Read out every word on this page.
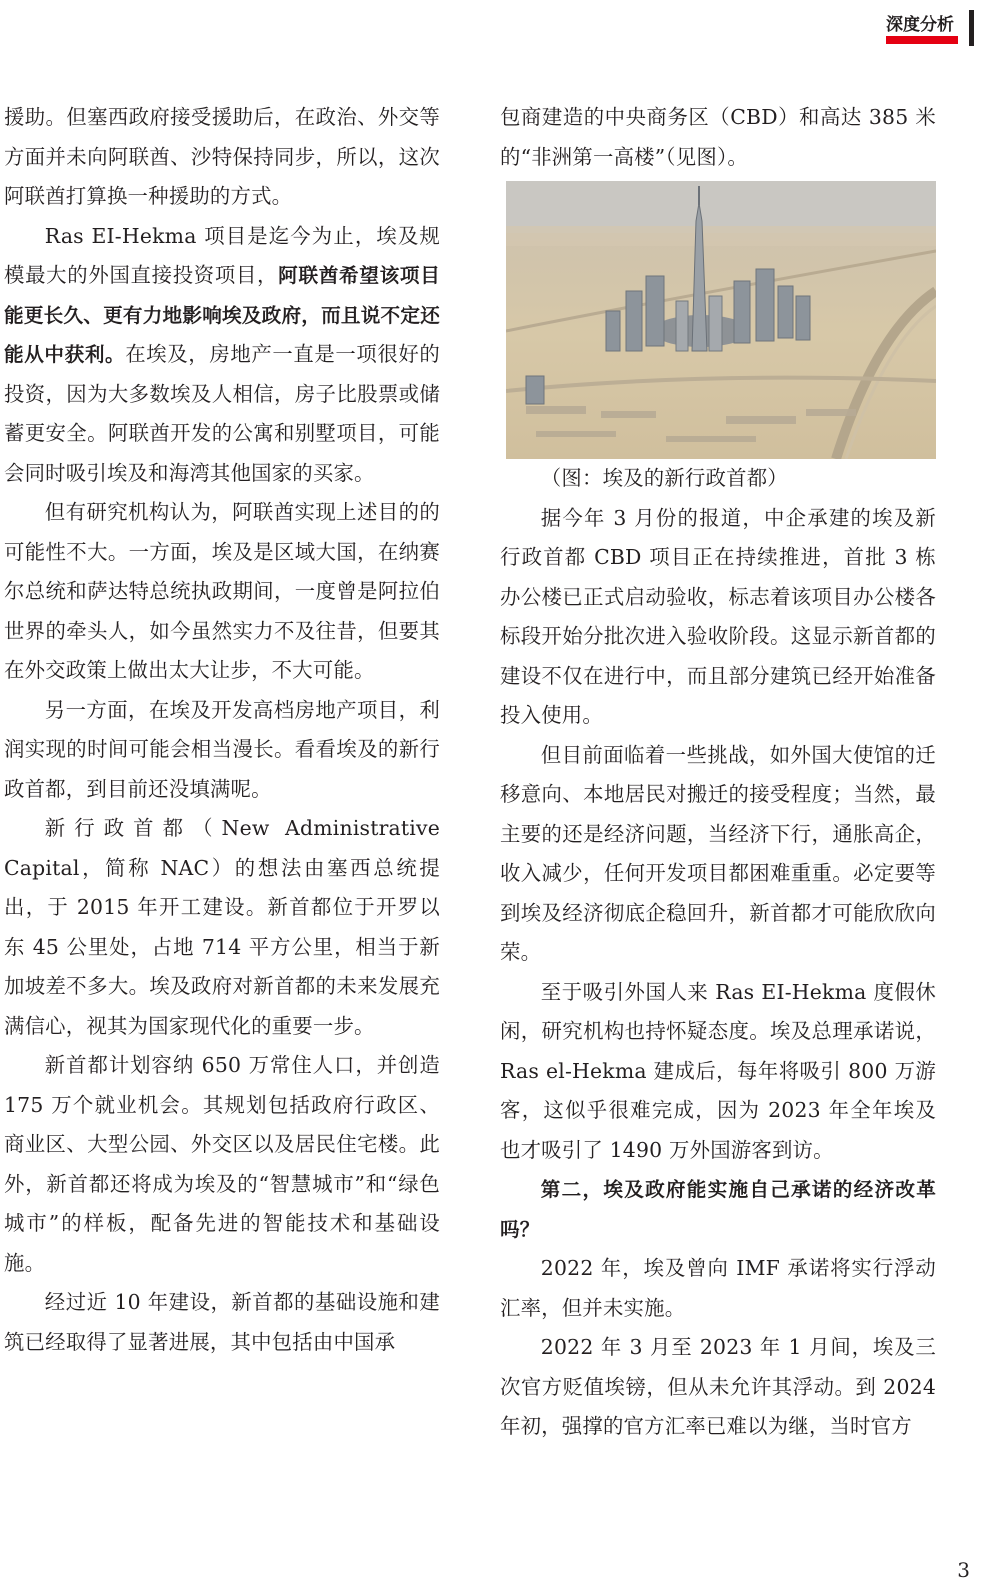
深度分析

援助。但塞西政府接受援助后，在政治、外交等方面并未向阿联酋、沙特保持同步，所以，这次阿联酋打算换一种援助的方式。

Ras EI-Hekma 项目是迄今为止，埃及规模最大的外国直接投资项目，阿联酋希望该项目能更长久、更有力地影响埃及政府，而且说不定还能从中获利。在埃及，房地产一直是一项很好的投资，因为大多数埃及人相信，房子比股票或储蓄更安全。阿联酋开发的公寓和别墅项目，可能会同时吸引埃及和海湾其他国家的买家。

但有研究机构认为，阿联酋实现上述目的的可能性不大。一方面，埃及是区域大国，在纳赛尔总统和萨达特总统执政期间，一度曾是阿拉伯世界的牵头人，如今虽然实力不及往昔，但要其在外交政策上做出太大让步，不大可能。

另一方面，在埃及开发高档房地产项目，利润实现的时间可能会相当漫长。看看埃及的新行政首都，到目前还没填满呢。

新行政首都（New Administrative Capital，简称 NAC）的想法由塞西总统提出，于 2015 年开工建设。新首都位于开罗以东 45 公里处，占地 714 平方公里，相当于新加坡差不多大。埃及政府对新首都的未来发展充满信心，视其为国家现代化的重要一步。

新首都计划容纳 650 万常住人口，并创造 175 万个就业机会。其规划包括政府行政区、商业区、大型公园、外交区以及居民住宅楼。此外，新首都还将成为埃及的“智慧城市”和“绿色城市”的样板，配备先进的智能技术和基础设施。

经过近 10 年建设，新首都的基础设施和建筑已经取得了显著进展，其中包括由中国承

包商建造的中央商务区（CBD）和高达 385 米的“非洲第一高楼”（见图）。

（图：埃及的新行政首都）

据今年 3 月份的报道，中企承建的埃及新行政首都 CBD 项目正在持续推进，首批 3 栋办公楼已正式启动验收，标志着该项目办公楼各标段开始分批次进入验收阶段。这显示新首都的建设不仅在进行中，而且部分建筑已经开始准备投入使用。

但目前面临着一些挑战，如外国大使馆的迁移意向、本地居民对搬迁的接受程度；当然，最主要的还是经济问题，当经济下行，通胀高企，收入减少，任何开发项目都困难重重。必定要等到埃及经济彻底企稳回升，新首都才可能欣欣向荣。

至于吸引外国人来 Ras EI-Hekma 度假休闲，研究机构也持怀疑态度。埃及总理承诺说，Ras el-Hekma 建成后，每年将吸引 800 万游客，这似乎很难完成，因为 2023 年全年埃及也才吸引了 1490 万外国游客到访。

第二，埃及政府能实施自己承诺的经济改革吗？

2022 年，埃及曾向 IMF 承诺将实行浮动汇率，但并未实施。

2022 年 3 月至 2023 年 1 月间，埃及三次官方贬值埃镑，但从未允许其浮动。到 2024 年初，强撑的官方汇率已难以为继，当时官方

3
